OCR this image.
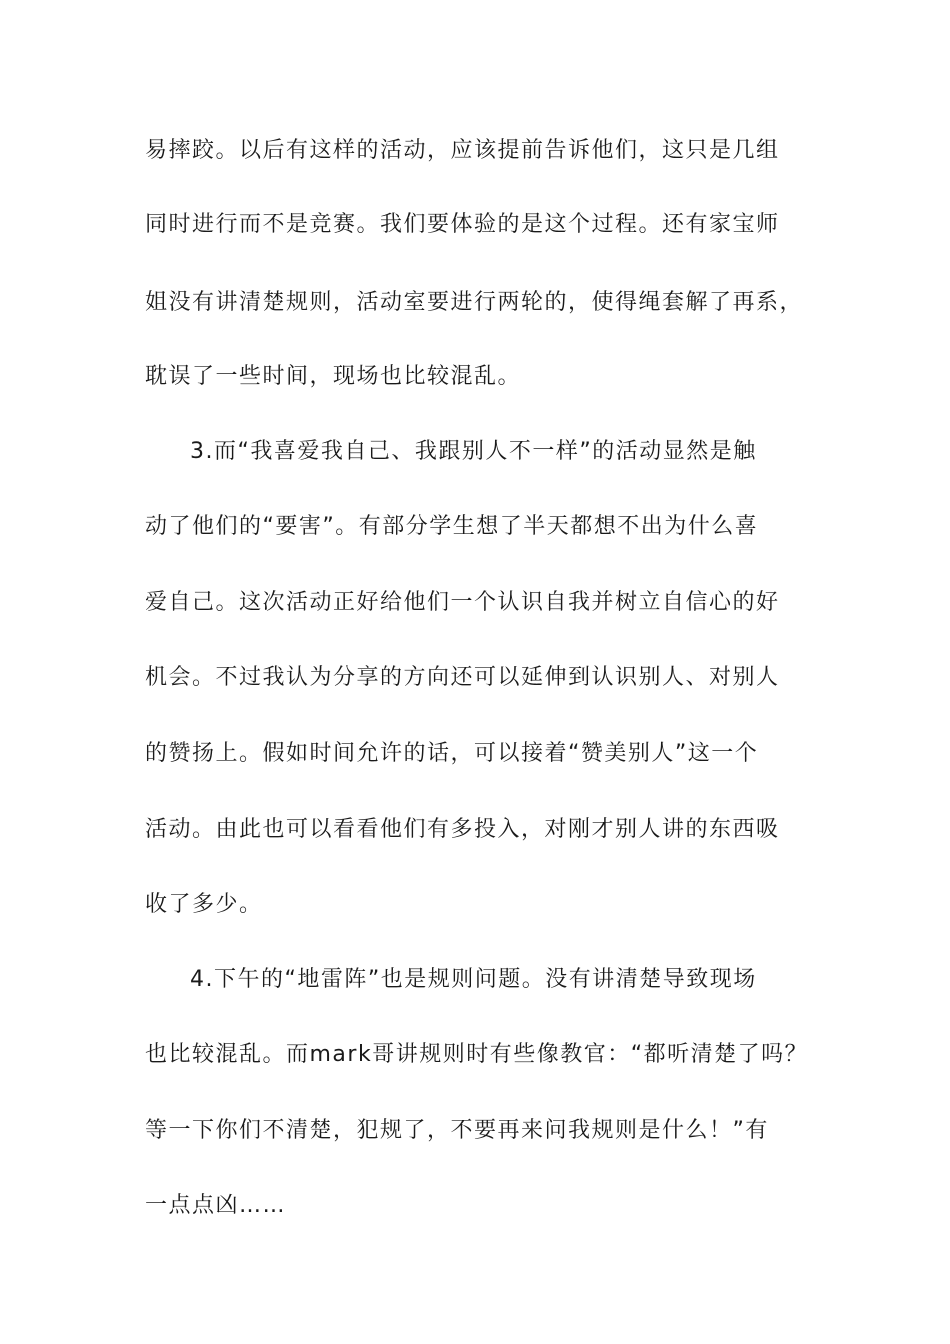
易摔跤。以后有这样的活动，应该提前告诉他们，这只是几组
同时进行而不是竞赛。我们要体验的是这个过程。还有家宝师
姐没有讲清楚规则，活动室要进行两轮的，使得绳套解了再系，
耽误了一些时间，现场也比较混乱。
3.而“我喜爱我自己、我跟别人不一样”的活动显然是触
动了他们的“要害”。有部分学生想了半天都想不出为什么喜
爱自己。这次活动正好给他们一个认识自我并树立自信心的好
机会。不过我认为分享的方向还可以延伸到认识别人、对别人
的赞扬上。假如时间允许的话，可以接着“赞美别人”这一个
活动。由此也可以看看他们有多投入，对刚才别人讲的东西吸
收了多少。
4.下午的“地雷阵”也是规则问题。没有讲清楚导致现场
也比较混乱。而mark哥讲规则时有些像教官：“都听清楚了吗？
等一下你们不清楚，犯规了，不要再来问我规则是什么！”有
一点点凶……
